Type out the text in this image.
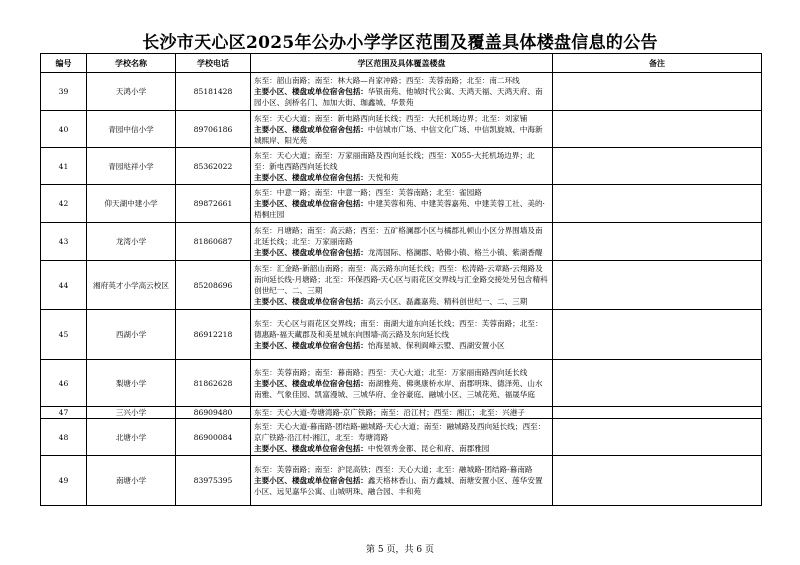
长沙市天心区2025年公办小学学区范围及覆盖具体楼盘信息的公告
编号	学校名称	学校电话	学区范围及具体覆盖楼盘	备注
39	天鸿小学	85181428	东至：韶山南路；南至：林大路—肖家冲路；西至：芙蓉南路；北至：南二环线
主要小区、楼盘或单位宿舍包括：华银南苑、他城时代公寓、天鸿天福、天鸿天府、南园小区、剑桥名门、加加大街、珈鑫城、华景苑	

40	青园中信小学	89706186	东至：天心大道；南至：新电路西向延长线；西至：大托机场边界；北至：刘家铺
主要小区、楼盘或单位宿舍包括：中信城市广场、中信文化广场、中信凯旋城、中海新城熙岸、阳光苑	

41	青园垯祥小学	85362022	东至：天心大道；南至：万家丽南路及西向延长线；西至：X055-大托机场边界；北至：新电西路西向延长线
主要小区、楼盘或单位宿舍包括：天悦和苑	

42	仰天湖中建小学	89872661	东至：中意一路；南至：中意一路；西至：芙蓉南路；北至：雀园路
主要小区、楼盘或单位宿舍包括：中建芙蓉和苑、中建芙蓉嘉苑、中建芙蓉工社、美的·梧桐庄园	

43	龙湾小学	81860687	东至：月塘路；南至：高云路；西至：五矿格澜郡小区与橘郡礼顿山小区分界围墙及南北延长线；北至：万家丽南路
主要小区、楼盘或单位宿舍包括：龙湾国际、格澜郡、哈佛小镇、格兰小镇、紫湖香醍	

44	湘府英才小学高云校区	85208696	东至：汇金路-新韶山南路；南至：高云路东向延长线；西至：松涛路-云章路-云翔路及南向延长线-月塘路；北至：环保西路-天心区与雨花区交界线与汇金路交接处另包含精科创世纪一、二、三期
主要小区、楼盘或单位宿舍包括：高云小区、磊鑫嘉苑、精科创世纪一、二、三期	

45	西湖小学	86912218	东至：天心区与雨花区交界线；南至：南湖大道东向延长线；西至：芙蓉南路；北至：德惠路-福天藏郡及和美星城东向围墙-高云路及东向延长线
主要小区、楼盘或单位宿舍包括：怡海星城、保利阆峰云墅、西湖安置小区	

46	梨塘小学	81862628	东至：芙蓉南路；南至：暮南路；西至：天心大道；北至：万家丽南路西向延长线
主要小区、楼盘或单位宿舍包括：南湖雅苑、佛奥康桥水岸、南郡明珠、德泽苑、山水南雅、气象佳园、凯富漫城、三城华府、金谷豪庭、融城小区、三城花苑、福晟华庭	

47	三兴小学	86909480	东至：天心大道-寿塘湾路-京广铁路；南至：沿江村；西至：湘江；北至：兴港子	

48	北塘小学	86900084	东至：天心大道-暮南路-团结路-融城路-天心大道；南至：融城路及西向延长线；西至：京广铁路-沿江村-湘江，北至：寿塘湾路
主要小区、楼盘或单位宿舍包括：中悦领秀金都、昆仑和府、南郡雅园	

49	南塘小学	83975395	东至：芙蓉南路；南至：沪昆高铁；西至：天心大道；北至：融城路-团结路-暮南路
主要小区、楼盘或单位宿舍包括：鑫天格林香山、南方鑫城、南塘安置小区、莲华安置小区、远见嘉华公寓、山城明珠、融合园、丰和苑	

第 5 页，共 6 页
